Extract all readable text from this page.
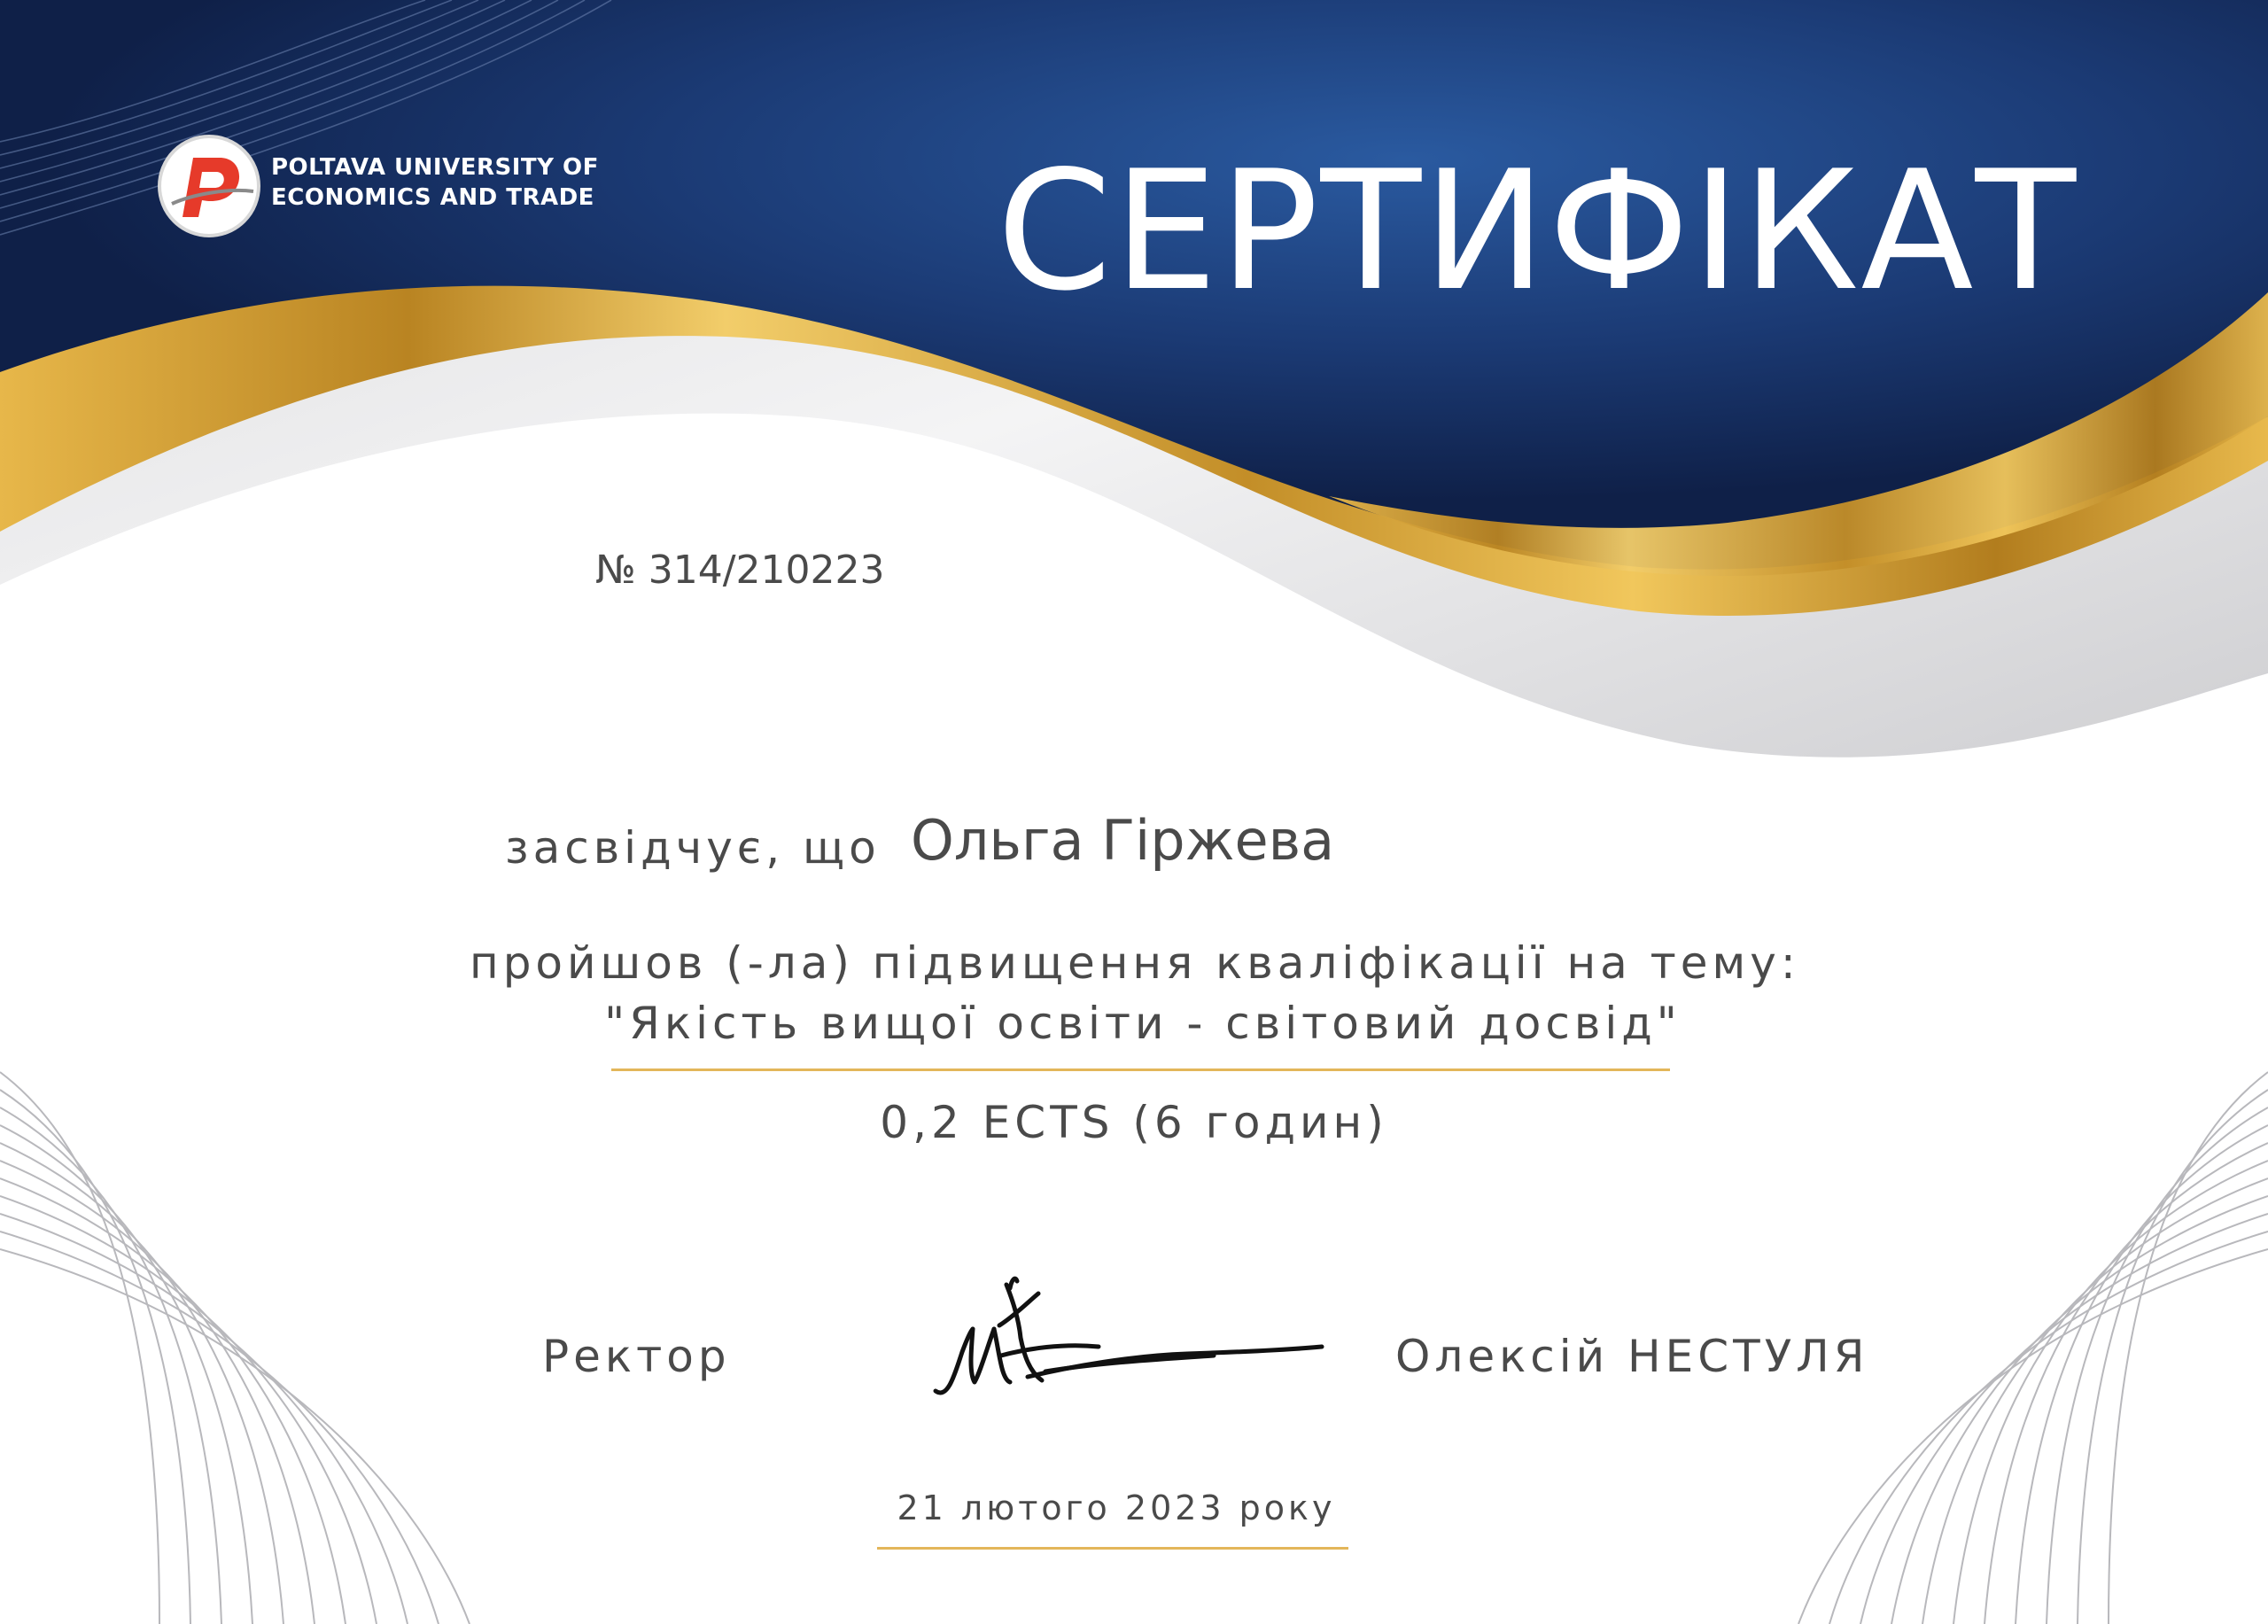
POLTAVA UNIVERSITY OF
ECONOMICS AND TRADE СЕРТИФІКАТ
№ 314/210223
засвідчує, що Ольга Гіржева
пройшов (-ла) підвищення кваліфікації на тему:
"Якість вищої освіти - світовий досвід"
0,2 ECTS (6 годин)
Ректор	Олексій НЕСТУЛЯ
21 лютого 2023 року
